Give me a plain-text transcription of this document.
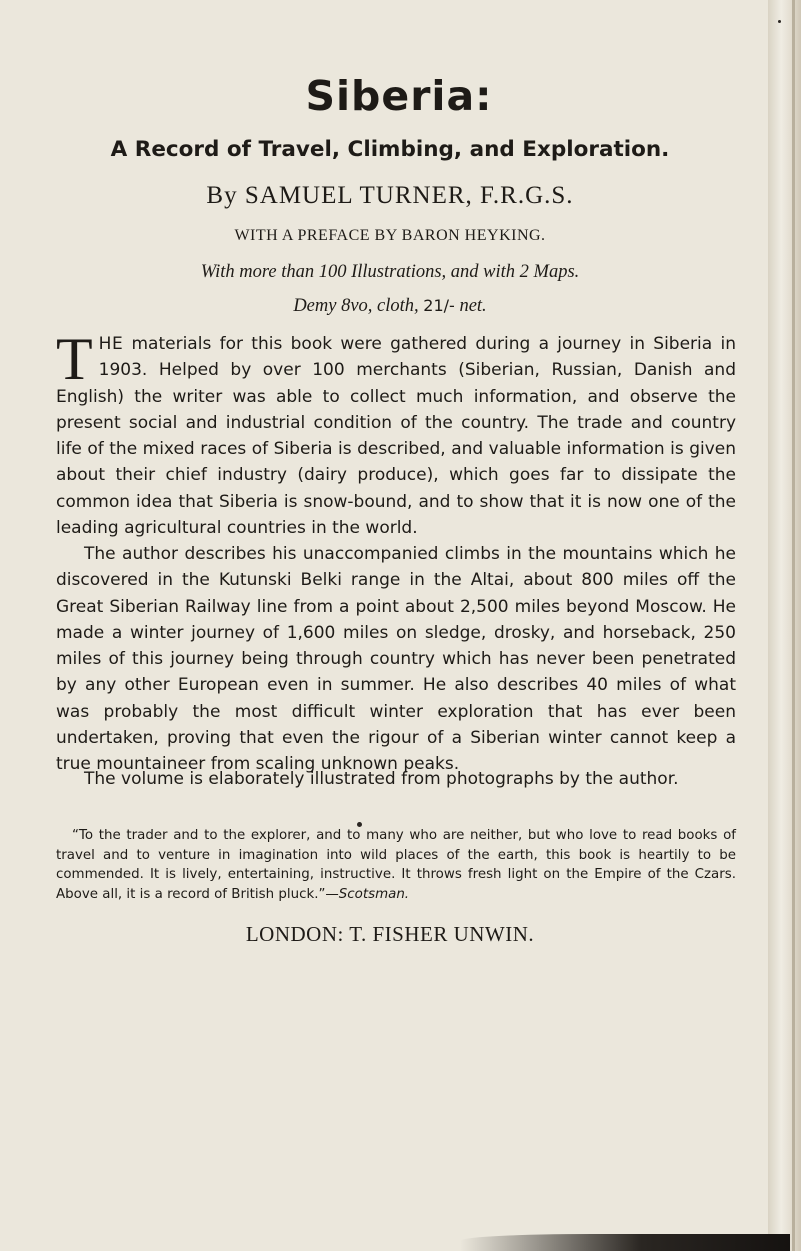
Siberia:
A Record of Travel, Climbing, and Exploration.
By SAMUEL TURNER, F.R.G.S.
WITH A PREFACE BY BARON HEYKING.
With more than 100 Illustrations, and with 2 Maps.
Demy 8vo, cloth, 21/- net.
THE materials for this book were gathered during a journey in Siberia in 1903. Helped by over 100 merchants (Siberian, Russian, Danish and English) the writer was able to collect much information, and observe the present social and industrial condition of the country. The trade and country life of the mixed races of Siberia is described, and valuable information is given about their chief industry (dairy produce), which goes far to dissipate the common idea that Siberia is snow-bound, and to show that it is now one of the leading agricultural countries in the world.
The author describes his unaccompanied climbs in the mountains which he discovered in the Kutunski Belki range in the Altai, about 800 miles off the Great Siberian Railway line from a point about 2,500 miles beyond Moscow. He made a winter journey of 1,600 miles on sledge, drosky, and horseback, 250 miles of this journey being through country which has never been penetrated by any other European even in summer. He also describes 40 miles of what was probably the most difficult winter exploration that has ever been undertaken, proving that even the rigour of a Siberian winter cannot keep a true mountaineer from scaling unknown peaks.
The volume is elaborately illustrated from photographs by the author.
“To the trader and to the explorer, and to many who are neither, but who love to read books of travel and to venture in imagination into wild places of the earth, this book is heartily to be commended. It is lively, entertaining, instructive. It throws fresh light on the Empire of the Czars. Above all, it is a record of British pluck.”—Scotsman.
LONDON: T. FISHER UNWIN.
